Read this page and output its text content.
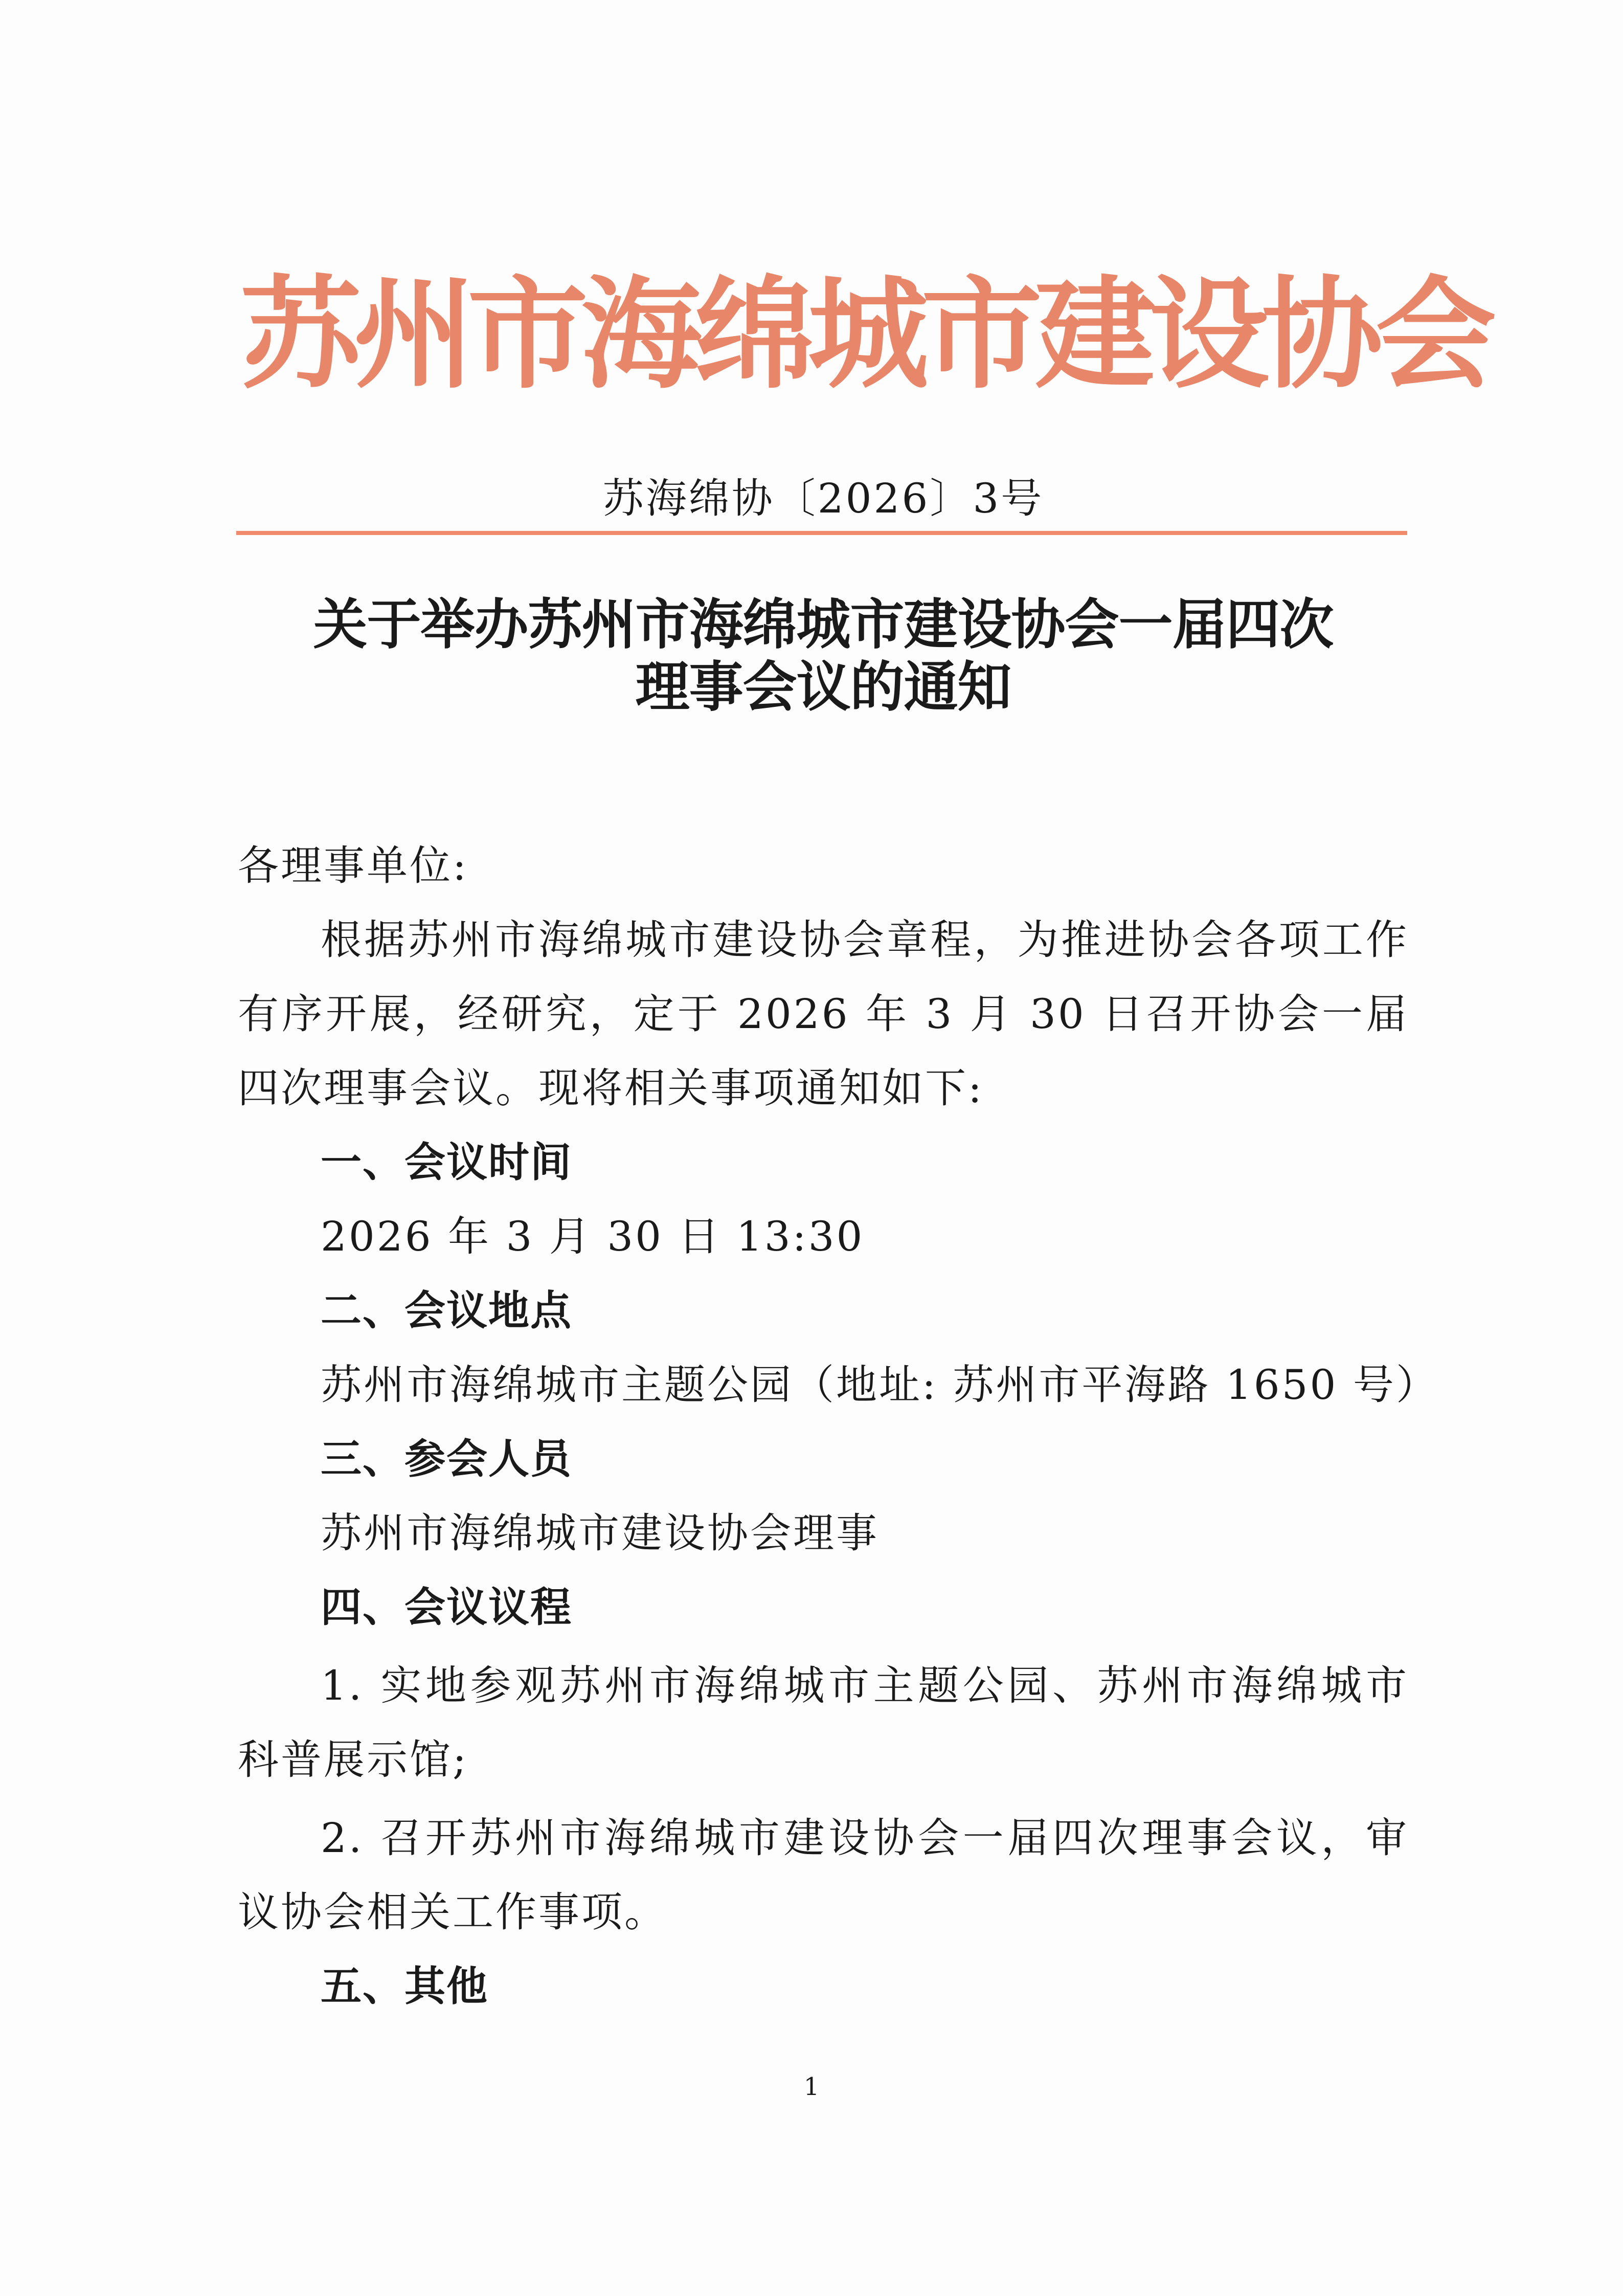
苏州市海绵城市建设协会
苏海绵协〔2026〕3号
关于举办苏州市海绵城市建设协会一届四次
理事会议的通知

各理事单位:

根据苏州市海绵城市建设协会章程，为推进协会各项工作有序开展，经研究，定于 2026 年 3 月 30 日召开协会一届四次理事会议。现将相关事项通知如下:

一、会议时间

2026 年 3 月 30 日 13:30

二、会议地点

苏州市海绵城市主题公园（地址: 苏州市平海路 1650 号）

三、参会人员

苏州市海绵城市建设协会理事

四、会议议程

1. 实地参观苏州市海绵城市主题公园、苏州市海绵城市科普展示馆;

2. 召开苏州市海绵城市建设协会一届四次理事会议，审议协会相关工作事项。

五、其他

1
